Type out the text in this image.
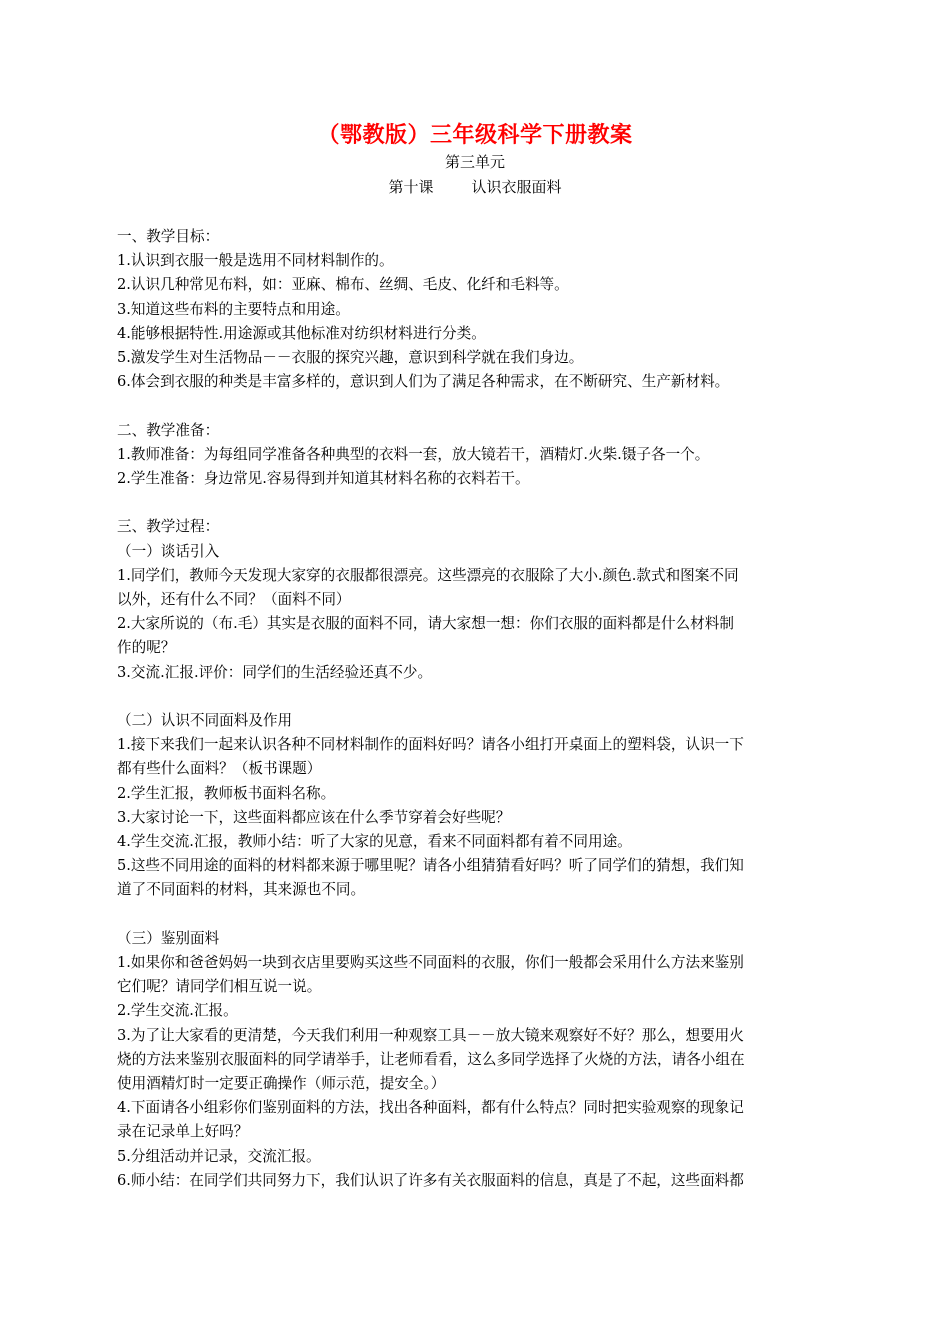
（鄂教版）三年级科学下册教案
第三单元
第十课	认识衣服面料

一、教学目标：

1.认识到衣服一般是选用不同材料制作的。

2.认识几种常见布料，如：亚麻、棉布、丝绸、毛皮、化纤和毛料等。

3.知道这些布料的主要特点和用途。

4.能够根据特性.用途源或其他标准对纺织材料进行分类。

5.激发学生对生活物品－－衣服的探究兴趣，意识到科学就在我们身边。

6.体会到衣服的种类是丰富多样的，意识到人们为了满足各种需求，在不断研究、生产新材料。

二、教学准备：

1.教师准备：为每组同学准备各种典型的衣料一套，放大镜若干，酒精灯.火柴.镊子各一个。

2.学生准备：身边常见.容易得到并知道其材料名称的衣料若干。

三、教学过程：

（一）谈话引入

1.同学们，教师今天发现大家穿的衣服都很漂亮。这些漂亮的衣服除了大小.颜色.款式和图案不同

以外，还有什么不同？（面料不同）

2.大家所说的（布.毛）其实是衣服的面料不同，请大家想一想：你们衣服的面料都是什么材料制

作的呢？

3.交流.汇报.评价：同学们的生活经验还真不少。

（二）认识不同面料及作用

1.接下来我们一起来认识各种不同材料制作的面料好吗？请各小组打开桌面上的塑料袋，认识一下

都有些什么面料？（板书课题）

2.学生汇报，教师板书面料名称。

3.大家讨论一下，这些面料都应该在什么季节穿着会好些呢？

4.学生交流.汇报，教师小结：听了大家的见意，看来不同面料都有着不同用途。

5.这些不同用途的面料的材料都来源于哪里呢？请各小组猜猜看好吗？听了同学们的猜想，我们知

道了不同面料的材料，其来源也不同。

（三）鉴别面料

1.如果你和爸爸妈妈一块到衣店里要购买这些不同面料的衣服，你们一般都会采用什么方法来鉴别

它们呢？请同学们相互说一说。

2.学生交流.汇报。

3.为了让大家看的更清楚，今天我们利用一种观察工具－－放大镜来观察好不好？那么，想要用火

烧的方法来鉴别衣服面料的同学请举手，让老师看看，这么多同学选择了火烧的方法，请各小组在

使用酒精灯时一定要正确操作（师示范，提安全。）

4.下面请各小组彩你们鉴别面料的方法，找出各种面料，都有什么特点？同时把实验观察的现象记

录在记录单上好吗？

5.分组活动并记录，交流汇报。

6.师小结：在同学们共同努力下，我们认识了许多有关衣服面料的信息，真是了不起，这些面料都
